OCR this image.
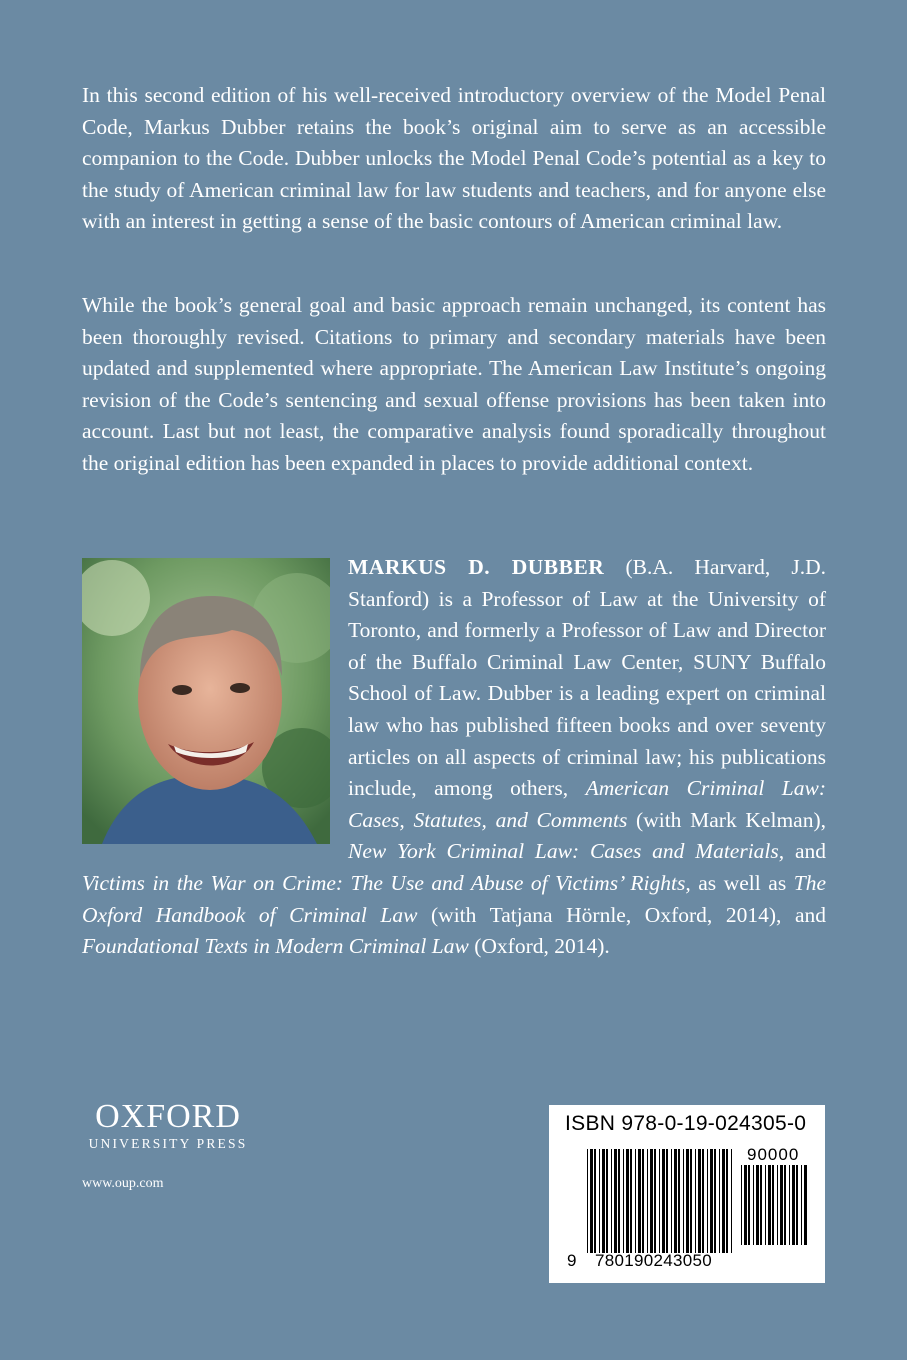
In this second edition of his well-received introductory overview of the Model Penal Code, Markus Dubber retains the book’s original aim to serve as an accessible companion to the Code. Dubber unlocks the Model Penal Code’s potential as a key to the study of American criminal law for law students and teachers, and for anyone else with an interest in getting a sense of the basic contours of American criminal law.

While the book’s general goal and basic approach remain unchanged, its content has been thoroughly revised. Citations to primary and secondary materials have been updated and supplemented where appropriate. The American Law Institute’s ongoing revision of the Code’s sentencing and sexual offense provisions has been taken into account. Last but not least, the comparative analysis found sporadically throughout the original edition has been expanded in places to provide additional context.

MARKUS D. DUBBER (B.A. Harvard, J.D. Stanford) is a Professor of Law at the University of Toronto, and formerly a Professor of Law and Director of the Buffalo Criminal Law Center, SUNY Buffalo School of Law. Dubber is a leading expert on criminal law who has published fifteen books and over seventy articles on all aspects of criminal law; his publications include, among others, American Criminal Law: Cases, Statutes, and Comments (with Mark Kelman), New York Criminal Law: Cases and Materials, and Victims in the War on Crime: The Use and Abuse of Victims’ Rights, as well as The Oxford Handbook of Criminal Law (with Tatjana Hörnle, Oxford, 2014), and Foundational Texts in Modern Criminal Law (Oxford, 2014).
OXFORD
UNIVERSITY PRESS
www.oup.com
ISBN 978-0-19-024305-0
90000
9 780190243050
